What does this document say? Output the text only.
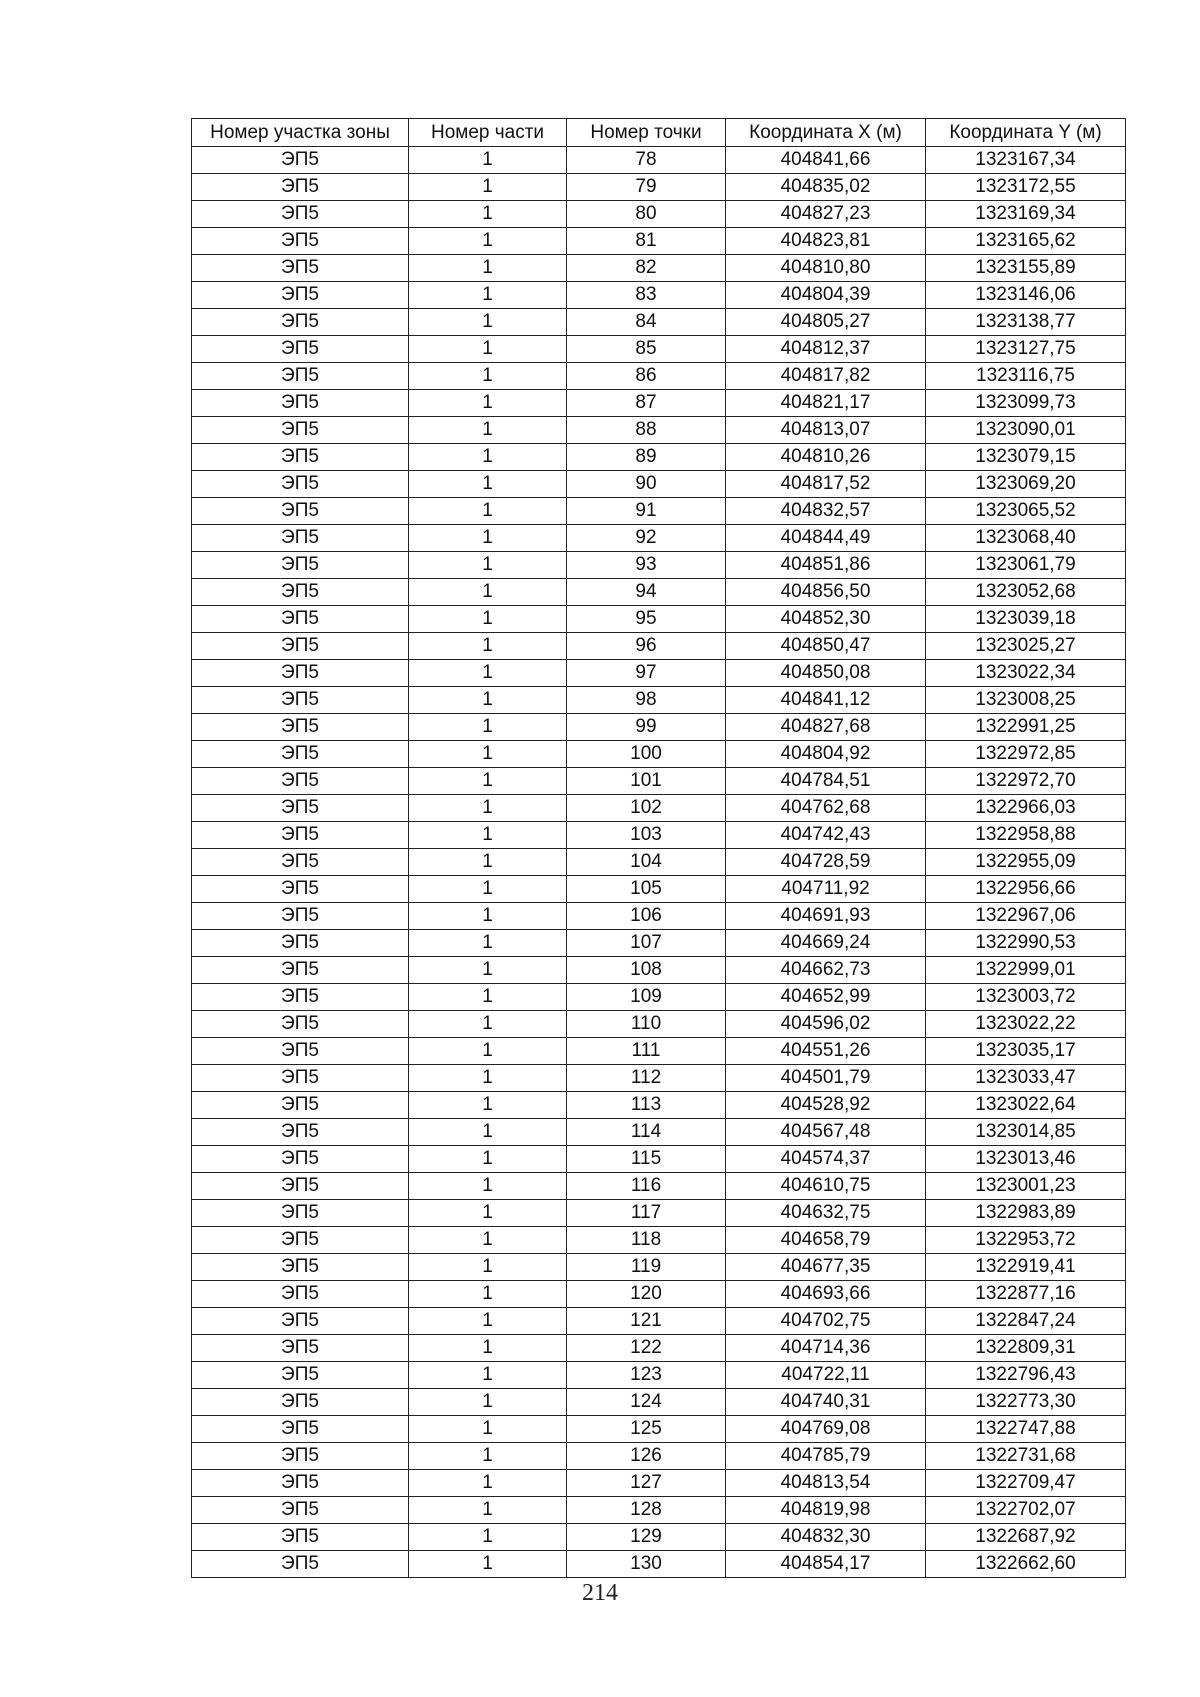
Номер участка зоны	Номер части	Номер точки	Координата X (м)	Координата Y (м)
ЭП5	1	78	404841,66	1323167,34
ЭП5	1	79	404835,02	1323172,55
ЭП5	1	80	404827,23	1323169,34
ЭП5	1	81	404823,81	1323165,62
ЭП5	1	82	404810,80	1323155,89
ЭП5	1	83	404804,39	1323146,06
ЭП5	1	84	404805,27	1323138,77
ЭП5	1	85	404812,37	1323127,75
ЭП5	1	86	404817,82	1323116,75
ЭП5	1	87	404821,17	1323099,73
ЭП5	1	88	404813,07	1323090,01
ЭП5	1	89	404810,26	1323079,15
ЭП5	1	90	404817,52	1323069,20
ЭП5	1	91	404832,57	1323065,52
ЭП5	1	92	404844,49	1323068,40
ЭП5	1	93	404851,86	1323061,79
ЭП5	1	94	404856,50	1323052,68
ЭП5	1	95	404852,30	1323039,18
ЭП5	1	96	404850,47	1323025,27
ЭП5	1	97	404850,08	1323022,34
ЭП5	1	98	404841,12	1323008,25
ЭП5	1	99	404827,68	1322991,25
ЭП5	1	100	404804,92	1322972,85
ЭП5	1	101	404784,51	1322972,70
ЭП5	1	102	404762,68	1322966,03
ЭП5	1	103	404742,43	1322958,88
ЭП5	1	104	404728,59	1322955,09
ЭП5	1	105	404711,92	1322956,66
ЭП5	1	106	404691,93	1322967,06
ЭП5	1	107	404669,24	1322990,53
ЭП5	1	108	404662,73	1322999,01
ЭП5	1	109	404652,99	1323003,72
ЭП5	1	110	404596,02	1323022,22
ЭП5	1	111	404551,26	1323035,17
ЭП5	1	112	404501,79	1323033,47
ЭП5	1	113	404528,92	1323022,64
ЭП5	1	114	404567,48	1323014,85
ЭП5	1	115	404574,37	1323013,46
ЭП5	1	116	404610,75	1323001,23
ЭП5	1	117	404632,75	1322983,89
ЭП5	1	118	404658,79	1322953,72
ЭП5	1	119	404677,35	1322919,41
ЭП5	1	120	404693,66	1322877,16
ЭП5	1	121	404702,75	1322847,24
ЭП5	1	122	404714,36	1322809,31
ЭП5	1	123	404722,11	1322796,43
ЭП5	1	124	404740,31	1322773,30
ЭП5	1	125	404769,08	1322747,88
ЭП5	1	126	404785,79	1322731,68
ЭП5	1	127	404813,54	1322709,47
ЭП5	1	128	404819,98	1322702,07
ЭП5	1	129	404832,30	1322687,92
ЭП5	1	130	404854,17	1322662,60
214
